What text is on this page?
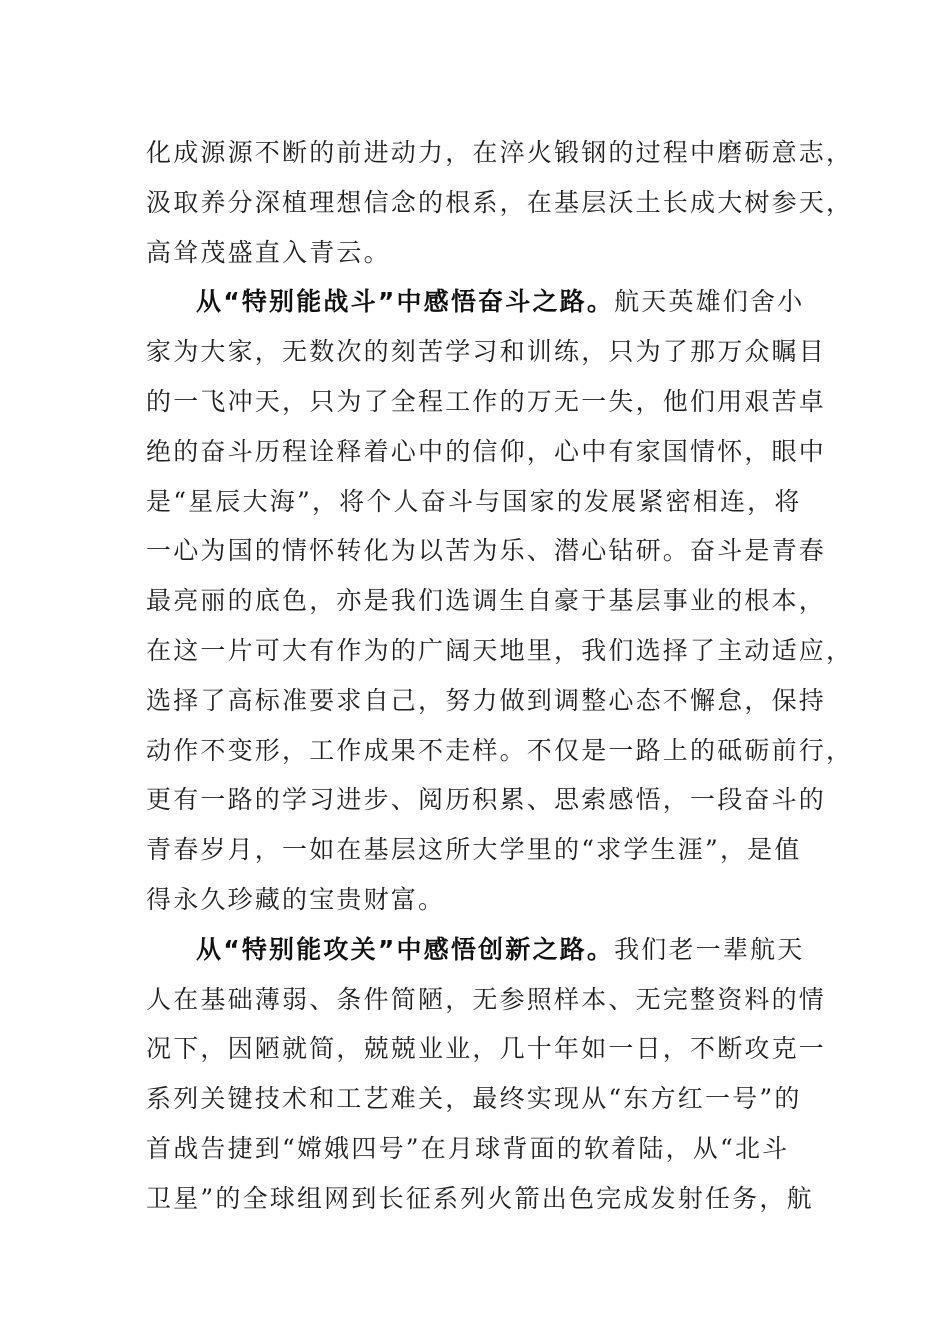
化成源源不断的前进动力，在淬火锻钢的过程中磨砺意志，
汲取养分深植理想信念的根系，在基层沃土长成大树参天，
高耸茂盛直入青云。
从“特别能战斗”中感悟奋斗之路。航天英雄们舍小
家为大家，无数次的刻苦学习和训练，只为了那万众瞩目
的一飞冲天，只为了全程工作的万无一失，他们用艰苦卓
绝的奋斗历程诠释着心中的信仰，心中有家国情怀，眼中
是“星辰大海”，将个人奋斗与国家的发展紧密相连，将
一心为国的情怀转化为以苦为乐、潜心钻研。奋斗是青春
最亮丽的底色，亦是我们选调生自豪于基层事业的根本，
在这一片可大有作为的广阔天地里，我们选择了主动适应，
选择了高标准要求自己，努力做到调整心态不懈怠，保持
动作不变形，工作成果不走样。不仅是一路上的砥砺前行，
更有一路的学习进步、阅历积累、思索感悟，一段奋斗的
青春岁月，一如在基层这所大学里的“求学生涯”，是值
得永久珍藏的宝贵财富。
从“特别能攻关”中感悟创新之路。我们老一辈航天
人在基础薄弱、条件简陋，无参照样本、无完整资料的情
况下，因陋就简，兢兢业业，几十年如一日，不断攻克一
系列关键技术和工艺难关，最终实现从“东方红一号”的
首战告捷到“嫦娥四号”在月球背面的软着陆，从“北斗
卫星”的全球组网到长征系列火箭出色完成发射任务，航
